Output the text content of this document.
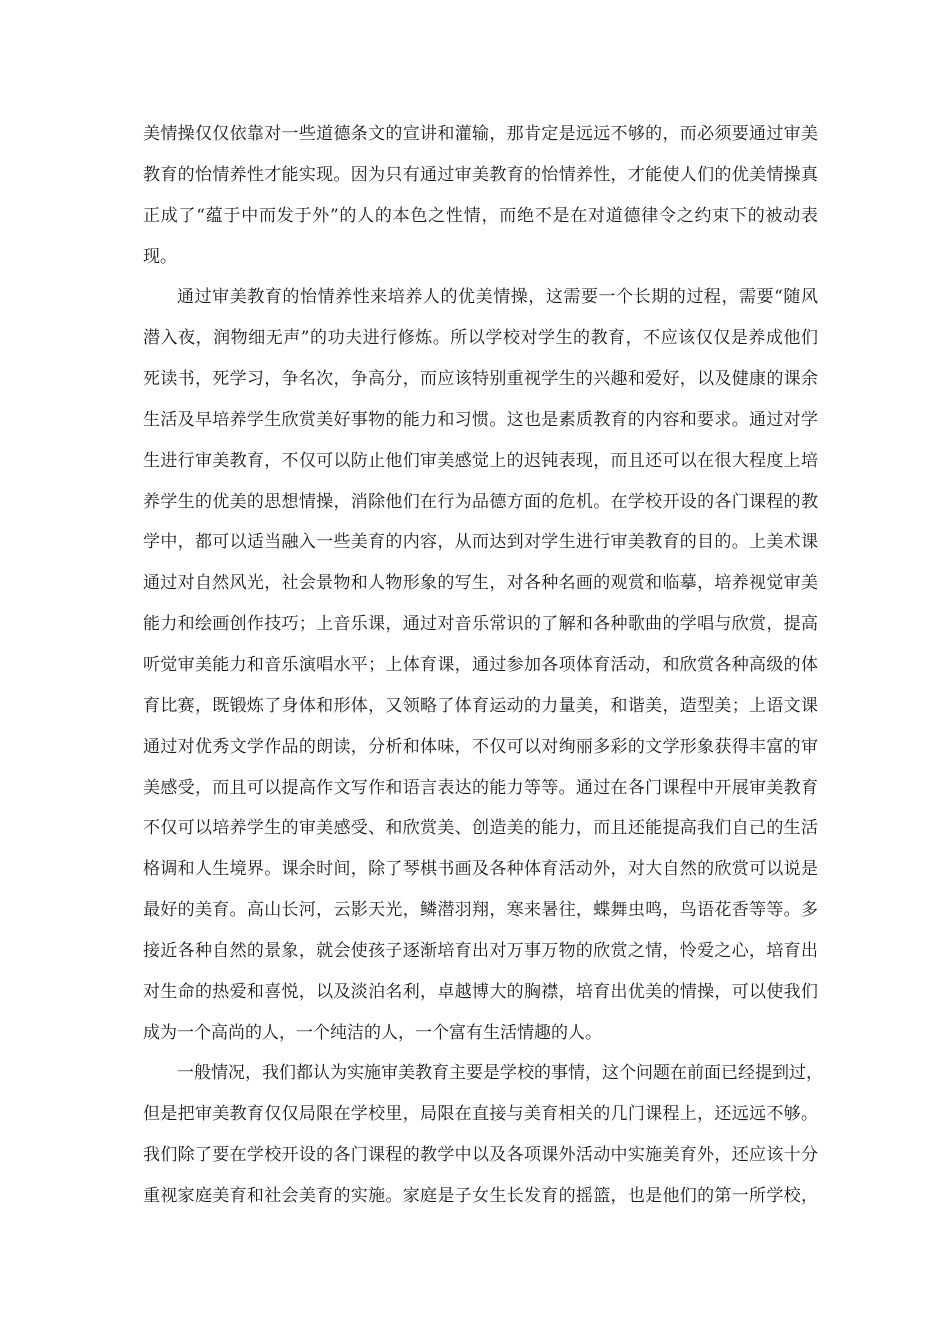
美情操仅仅依靠对一些道德条文的宣讲和灌输，那肯定是远远不够的，而必须要通过审美
教育的怡情养性才能实现。因为只有通过审美教育的怡情养性，才能使人们的优美情操真
正成了“蕴于中而发于外”的人的本色之性情，而绝不是在对道德律令之约束下的被动表
现。
通过审美教育的怡情养性来培养人的优美情操，这需要一个长期的过程，需要“随风
潜入夜，润物细无声”的功夫进行修炼。所以学校对学生的教育，不应该仅仅是养成他们
死读书，死学习，争名次，争高分，而应该特别重视学生的兴趣和爱好，以及健康的课余
生活及早培养学生欣赏美好事物的能力和习惯。这也是素质教育的内容和要求。通过对学
生进行审美教育，不仅可以防止他们审美感觉上的迟钝表现，而且还可以在很大程度上培
养学生的优美的思想情操，消除他们在行为品德方面的危机。在学校开设的各门课程的教
学中，都可以适当融入一些美育的内容，从而达到对学生进行审美教育的目的。上美术课
通过对自然风光，社会景物和人物形象的写生，对各种名画的观赏和临摹，培养视觉审美
能力和绘画创作技巧；上音乐课，通过对音乐常识的了解和各种歌曲的学唱与欣赏，提高
听觉审美能力和音乐演唱水平；上体育课，通过参加各项体育活动，和欣赏各种高级的体
育比赛，既锻炼了身体和形体，又领略了体育运动的力量美，和谐美，造型美；上语文课
通过对优秀文学作品的朗读，分析和体味，不仅可以对绚丽多彩的文学形象获得丰富的审
美感受，而且可以提高作文写作和语言表达的能力等等。通过在各门课程中开展审美教育
不仅可以培养学生的审美感受、和欣赏美、创造美的能力，而且还能提高我们自己的生活
格调和人生境界。课余时间，除了琴棋书画及各种体育活动外，对大自然的欣赏可以说是
最好的美育。高山长河，云影天光，鳞潜羽翔，寒来暑往，蝶舞虫鸣，鸟语花香等等。多
接近各种自然的景象，就会使孩子逐渐培育出对万事万物的欣赏之情，怜爱之心，培育出
对生命的热爱和喜悦，以及淡泊名利，卓越博大的胸襟，培育出优美的情操，可以使我们
成为一个高尚的人，一个纯洁的人，一个富有生活情趣的人。
一般情况，我们都认为实施审美教育主要是学校的事情，这个问题在前面已经提到过，
但是把审美教育仅仅局限在学校里，局限在直接与美育相关的几门课程上，还远远不够。
我们除了要在学校开设的各门课程的教学中以及各项课外活动中实施美育外，还应该十分
重视家庭美育和社会美育的实施。家庭是子女生长发育的摇篮，也是他们的第一所学校，
